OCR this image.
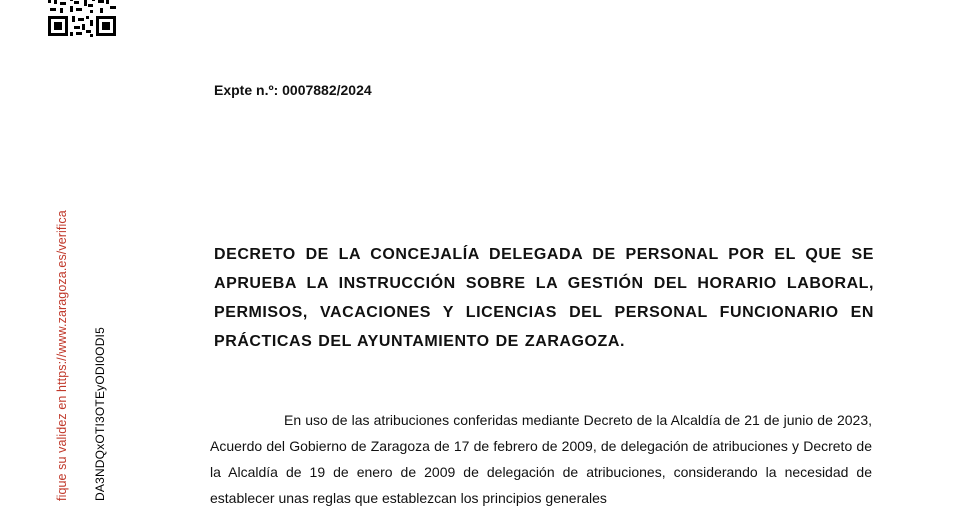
fique su validez en https://www.zaragoza.es/verifica DA3NDQxOTI3OTEyODI0ODI5
Expte n.º: 0007882/2024
DECRETO DE LA CONCEJALÍA DELEGADA DE PERSONAL POR EL QUE SE APRUEBA LA INSTRUCCIÓN SOBRE LA GESTIÓN DEL HORARIO LABORAL, PERMISOS, VACACIONES Y LICENCIAS DEL PERSONAL FUNCIONARIO EN PRÁCTICAS DEL AYUNTAMIENTO DE ZARAGOZA.
En uso de las atribuciones conferidas mediante Decreto de la Alcaldía de 21 de junio de 2023, Acuerdo del Gobierno de Zaragoza de 17 de febrero de 2009, de delegación de atribuciones y Decreto de la Alcaldía de 19 de enero de 2009 de delegación de atribuciones, considerando la necesidad de establecer unas reglas que establezcan los principios generales
